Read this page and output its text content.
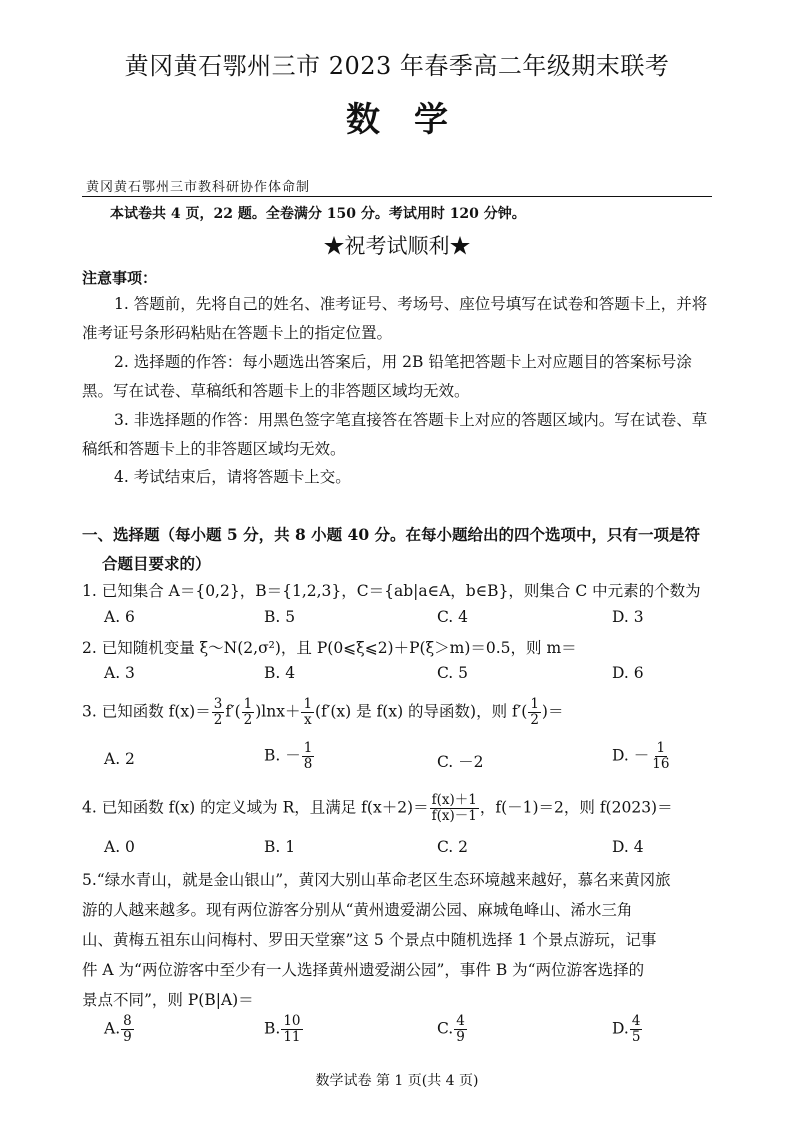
黄冈黄石鄂州三市 2023 年春季高二年级期末联考
数学
黄冈黄石鄂州三市教科研协作体命制
本试卷共 4 页，22 题。全卷满分 150 分。考试用时 120 分钟。
★祝考试顺利★
注意事项：
1. 答题前，先将自己的姓名、准考证号、考场号、座位号填写在试卷和答题卡上，并将准考证号条形码粘贴在答题卡上的指定位置。
2. 选择题的作答：每小题选出答案后，用 2B 铅笔把答题卡上对应题目的答案标号涂黑。写在试卷、草稿纸和答题卡上的非答题区域均无效。
3. 非选择题的作答：用黑色签字笔直接答在答题卡上对应的答题区域内。写在试卷、草稿纸和答题卡上的非答题区域均无效。
4. 考试结束后，请将答题卡上交。
一、选择题（每小题 5 分，共 8 小题 40 分。在每小题给出的四个选项中，只有一项是符
合题目要求的）
1. 已知集合 A＝{0,2}，B＝{1,2,3}，C＝{ab|a∈A，b∈B}，则集合 C 中元素的个数为
A. 6	B. 5	C. 4	D. 3
2. 已知随机变量 ξ～N(2,σ²)，且 P(0⩽ξ⩽2)＋P(ξ＞m)＝0.5，则 m＝
A. 3	B. 4	C. 5	D. 6
3. 已知函数 $f(x)= \frac{3}{2} f'( \frac{1}{2} )\ln x+ \frac{1}{x} (f'(x)$ 是 f(x) 的导函数)，则 $f'( \frac{1}{2}$ )＝
A. 2	B. － $\frac{1}{8}$	C. －2	D. － $\frac{1}{16}$
4. 已知函数 f(x) 的定义域为 R，且满足 $f(x+2)= \frac{f(x)+1}{f(x)-1}$ ，f(－1)＝2，则 f(2023)＝
A. 0	B. 1	C. 2	D. 4
5.“绿水青山，就是金山银山”，黄冈大别山革命老区生态环境越来越好，慕名来黄冈旅
游的人越来越多。现有两位游客分别从“黄州遗爱湖公园、麻城龟峰山、浠水三角
山、黄梅五祖东山问梅村、罗田天堂寨”这 5 个景点中随机选择 1 个景点游玩，记事
件 A 为“两位游客中至少有一人选择黄州遗爱湖公园”，事件 B 为“两位游客选择的
景点不同”，则 P(B|A)＝
A. $\frac{8}{9}$	B. $\frac{10}{11}$	C. $\frac{4}{9}$	D. $\frac{4}{5}$
数学试卷 第 1 页(共 4 页)
